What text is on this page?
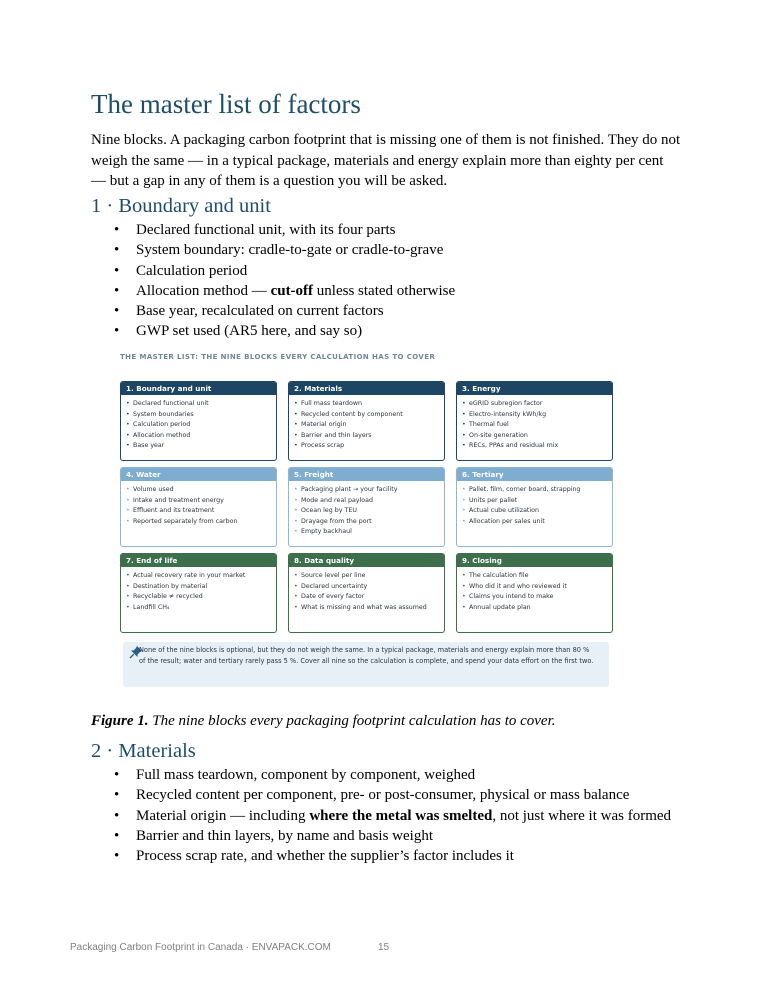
The master list of factors

Nine blocks. A packaging carbon footprint that is missing one of them is not finished. They do not weigh the same — in a typical package, materials and energy explain more than eighty per cent — but a gap in any of them is a question you will be asked.

1 · Boundary and unit
• Declared functional unit, with its four parts
• System boundary: cradle-to-gate or cradle-to-grave
• Calculation period
• Allocation method — cut-off unless stated otherwise
• Base year, recalculated on current factors
• GWP set used (AR5 here, and say so)
THE MASTER LIST: THE NINE BLOCKS EVERY CALCULATION HAS TO COVER
1. Boundary and unit
• Declared functional unit
• System boundaries
• Calculation period
• Allocation method
• Base year
2. Materials
• Full mass teardown
• Recycled content by component
• Material origin
• Barrier and thin layers
• Process scrap
3. Energy
• eGRID subregion factor
• Electro-intensity kWh/kg
• Thermal fuel
• On-site generation
• RECs, PPAs and residual mix
4. Water
• Volume used
• Intake and treatment energy
• Effluent and its treatment
• Reported separately from carbon
5. Freight
• Packaging plant → your facility
• Mode and real payload
• Ocean leg by TEU
• Drayage from the port
• Empty backhaul
6. Tertiary
• Pallet, film, corner board, strapping
• Units per pallet
• Actual cube utilization
• Allocation per sales unit
7. End of life
• Actual recovery rate in your market
• Destination by material
• Recyclable ≠ recycled
• Landfill CH₄
8. Data quality
• Source level per line
• Declared uncertainty
• Date of every factor
• What is missing and what was assumed
9. Closing
• The calculation file
• Who did it and who reviewed it
• Claims you intend to make
• Annual update plan
None of the nine blocks is optional, but they do not weigh the same. In a typical package, materials and energy explain more than 80 % of the result; water and tertiary rarely pass 5 %. Cover all nine so the calculation is complete, and spend your data effort on the first two.

Figure 1. The nine blocks every packaging footprint calculation has to cover.

2 · Materials
• Full mass teardown, component by component, weighed
• Recycled content per component, pre- or post-consumer, physical or mass balance
• Material origin — including where the metal was smelted, not just where it was formed
• Barrier and thin layers, by name and basis weight
• Process scrap rate, and whether the supplier’s factor includes it
Packaging Carbon Footprint in Canada · ENVAPACK.COM	15
